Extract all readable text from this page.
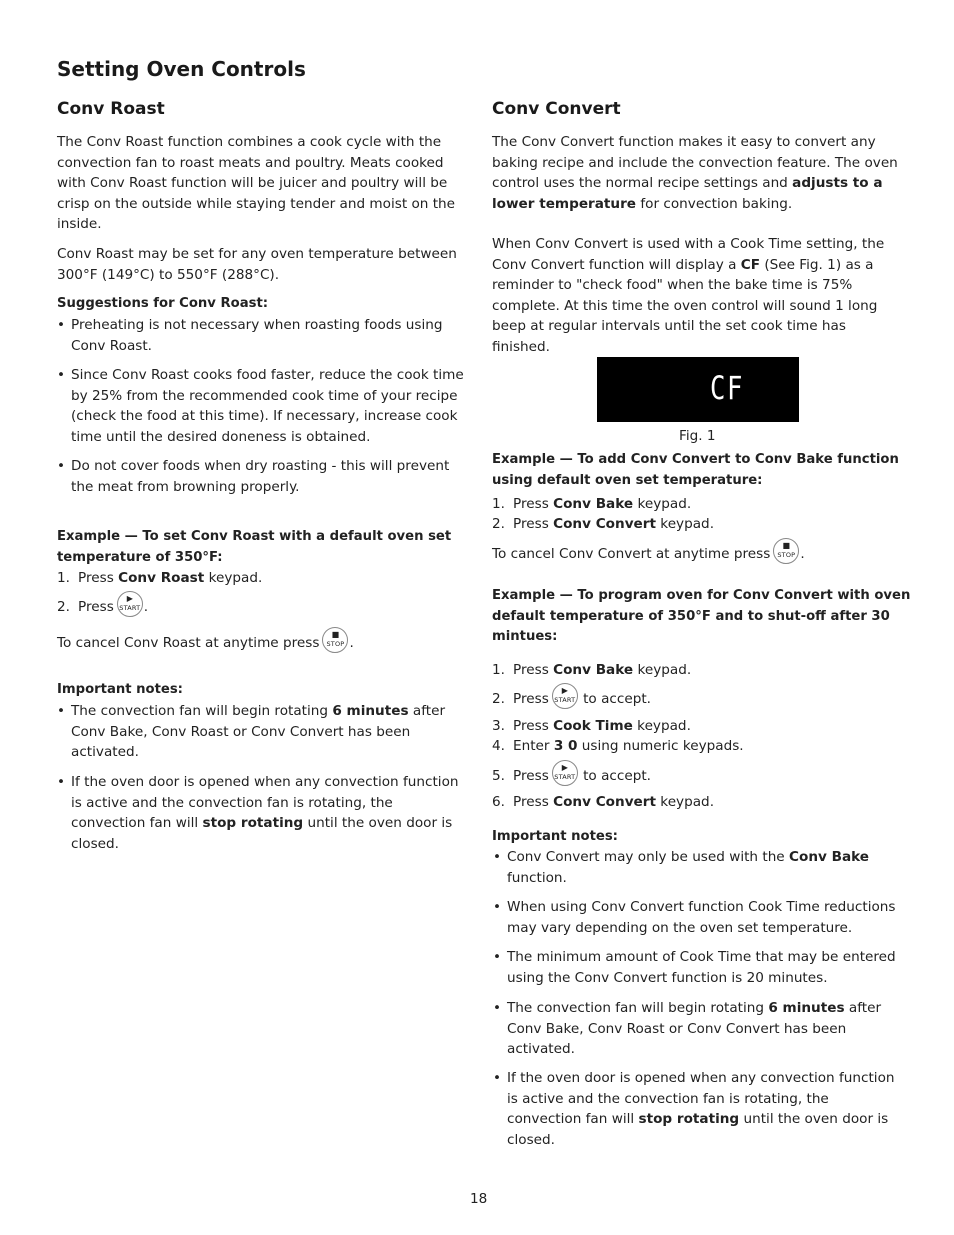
Setting Oven Controls
Conv Roast
The Conv Roast function combines a cook cycle with the
convection fan to roast meats and poultry. Meats cooked
with Conv Roast function will be juicer and poultry will be
crisp on the outside while staying tender and moist on the
inside.
Conv Roast may be set for any oven temperature between
300°F (149°C) to 550°F (288°C).
Suggestions for Conv Roast:
• Preheating is not necessary when roasting foods using
Conv Roast.
• Since Conv Roast cooks food faster, reduce the cook time
by 25% from the recommended cook time of your recipe
(check the food at this time). If necessary, increase cook
time until the desired doneness is obtained.
• Do not cover foods when dry roasting - this will prevent
the meat from browning properly.
Example — To set Conv Roast with a default oven set
temperature of 350°F:
1. Press Conv Roast keypad.
2. Press
▶
START .
To cancel Conv Roast at anytime press
■
STOP .
Important notes:
• The convection fan will begin rotating 6 minutes after
Conv Bake, Conv Roast or Conv Convert has been
activated.
• If the oven door is opened when any convection function
is active and the convection fan is rotating, the
convection fan will stop rotating until the oven door is
closed.
Conv Convert
The Conv Convert function makes it easy to convert any
baking recipe and include the convection feature. The oven
control uses the normal recipe settings and adjusts to a
lower temperature for convection baking.
When Conv Convert is used with a Cook Time setting, the
Conv Convert function will display a CF (See Fig. 1) as a
reminder to "check food" when the bake time is 75%
complete. At this time the oven control will sound 1 long
beep at regular intervals until the set cook time has
finished.
CF
Fig. 1
Example — To add Conv Convert to Conv Bake function
using default oven set temperature:
1. Press Conv Bake keypad.
2. Press Conv Convert keypad.
To cancel Conv Convert at anytime press
■
STOP .
Example — To program oven for Conv Convert with oven
default temperature of 350°F and to shut-off after 30
mintues:
1. Press Conv Bake keypad.
2. Press
▶
START to accept.
3. Press Cook Time keypad.
4. Enter 3 0 using numeric keypads.
5. Press
▶
START to accept.
6. Press Conv Convert keypad.
Important notes:
• Conv Convert may only be used with the Conv Bake
function.
• When using Conv Convert function Cook Time reductions
may vary depending on the oven set temperature.
• The minimum amount of Cook Time that may be entered
using the Conv Convert function is 20 minutes.
• The convection fan will begin rotating 6 minutes after
Conv Bake, Conv Roast or Conv Convert has been
activated.
• If the oven door is opened when any convection function
is active and the convection fan is rotating, the
convection fan will stop rotating until the oven door is
closed.
18
